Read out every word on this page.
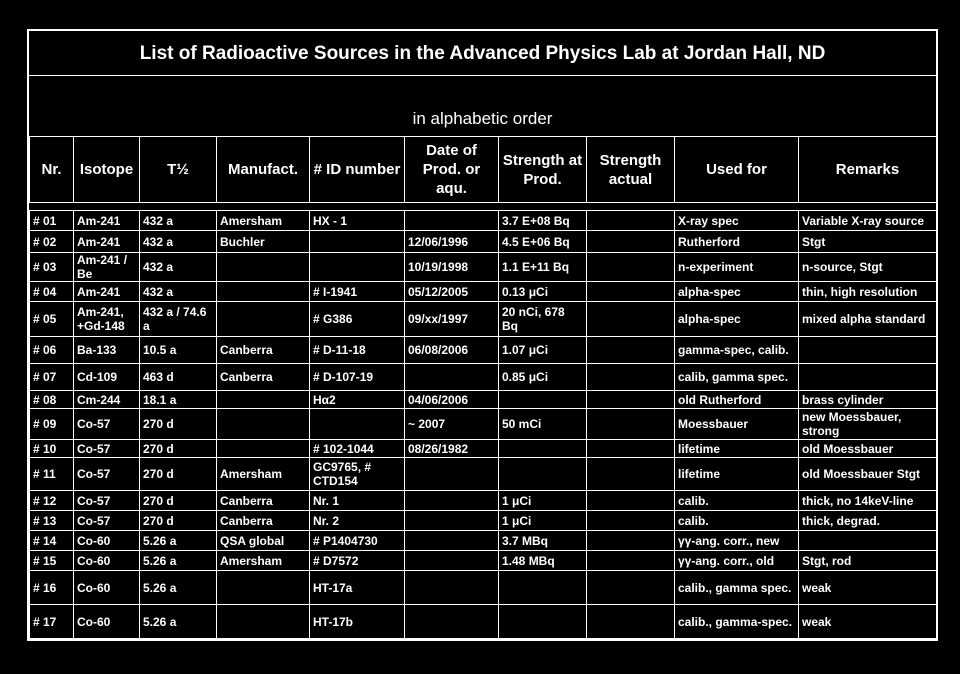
List of Radioactive Sources in the Advanced Physics Lab at Jordan Hall, ND
in alphabetic order
Nr.	Isotope	T½	Manufact.	# ID number	Date of Prod. or aqu.	Strength at Prod.	Strength actual	Used for	Remarks

# 01	Am-241	432 a	Amersham	HX - 1		3.7 E+08 Bq		X-ray spec	Variable X-ray source
# 02	Am-241	432 a	Buchler		12/06/1996	4.5 E+06 Bq		Rutherford	Stgt
# 03	Am-241 / Be	432 a			10/19/1998	1.1 E+11 Bq		n-experiment	n-source, Stgt
# 04	Am-241	432 a		# I-1941	05/12/2005	0.13 μCi		alpha-spec	thin, high resolution
# 05	Am-241, +Gd-148	432 a / 74.6 a		# G386	09/xx/1997	20 nCi, 678 Bq		alpha-spec	mixed alpha standard
# 06	Ba-133	10.5 a	Canberra	# D-11-18	06/08/2006	1.07 μCi		gamma-spec, calib.	
# 07	Cd-109	463 d	Canberra	# D-107-19		0.85 μCi		calib, gamma spec.	
# 08	Cm-244	18.1 a		Hα2	04/06/2006			old Rutherford	brass cylinder
# 09	Co-57	270 d			~ 2007	50 mCi		Moessbauer	new Moessbauer, strong
# 10	Co-57	270 d		# 102-1044	08/26/1982			lifetime	old Moessbauer
# 11	Co-57	270 d	Amersham	GC9765, # CTD154				lifetime	old Moessbauer Stgt
# 12	Co-57	270 d	Canberra	Nr. 1		1 μCi		calib.	thick, no 14keV-line
# 13	Co-57	270 d	Canberra	Nr. 2		1 μCi		calib.	thick, degrad.
# 14	Co-60	5.26 a	QSA global	# P1404730		3.7 MBq		γγ-ang. corr., new	
# 15	Co-60	5.26 a	Amersham	# D7572		1.48 MBq		γγ-ang. corr., old	Stgt, rod
# 16	Co-60	5.26 a		HT-17a				calib., gamma spec.	weak
# 17	Co-60	5.26 a		HT-17b				calib., gamma-spec.	weak
